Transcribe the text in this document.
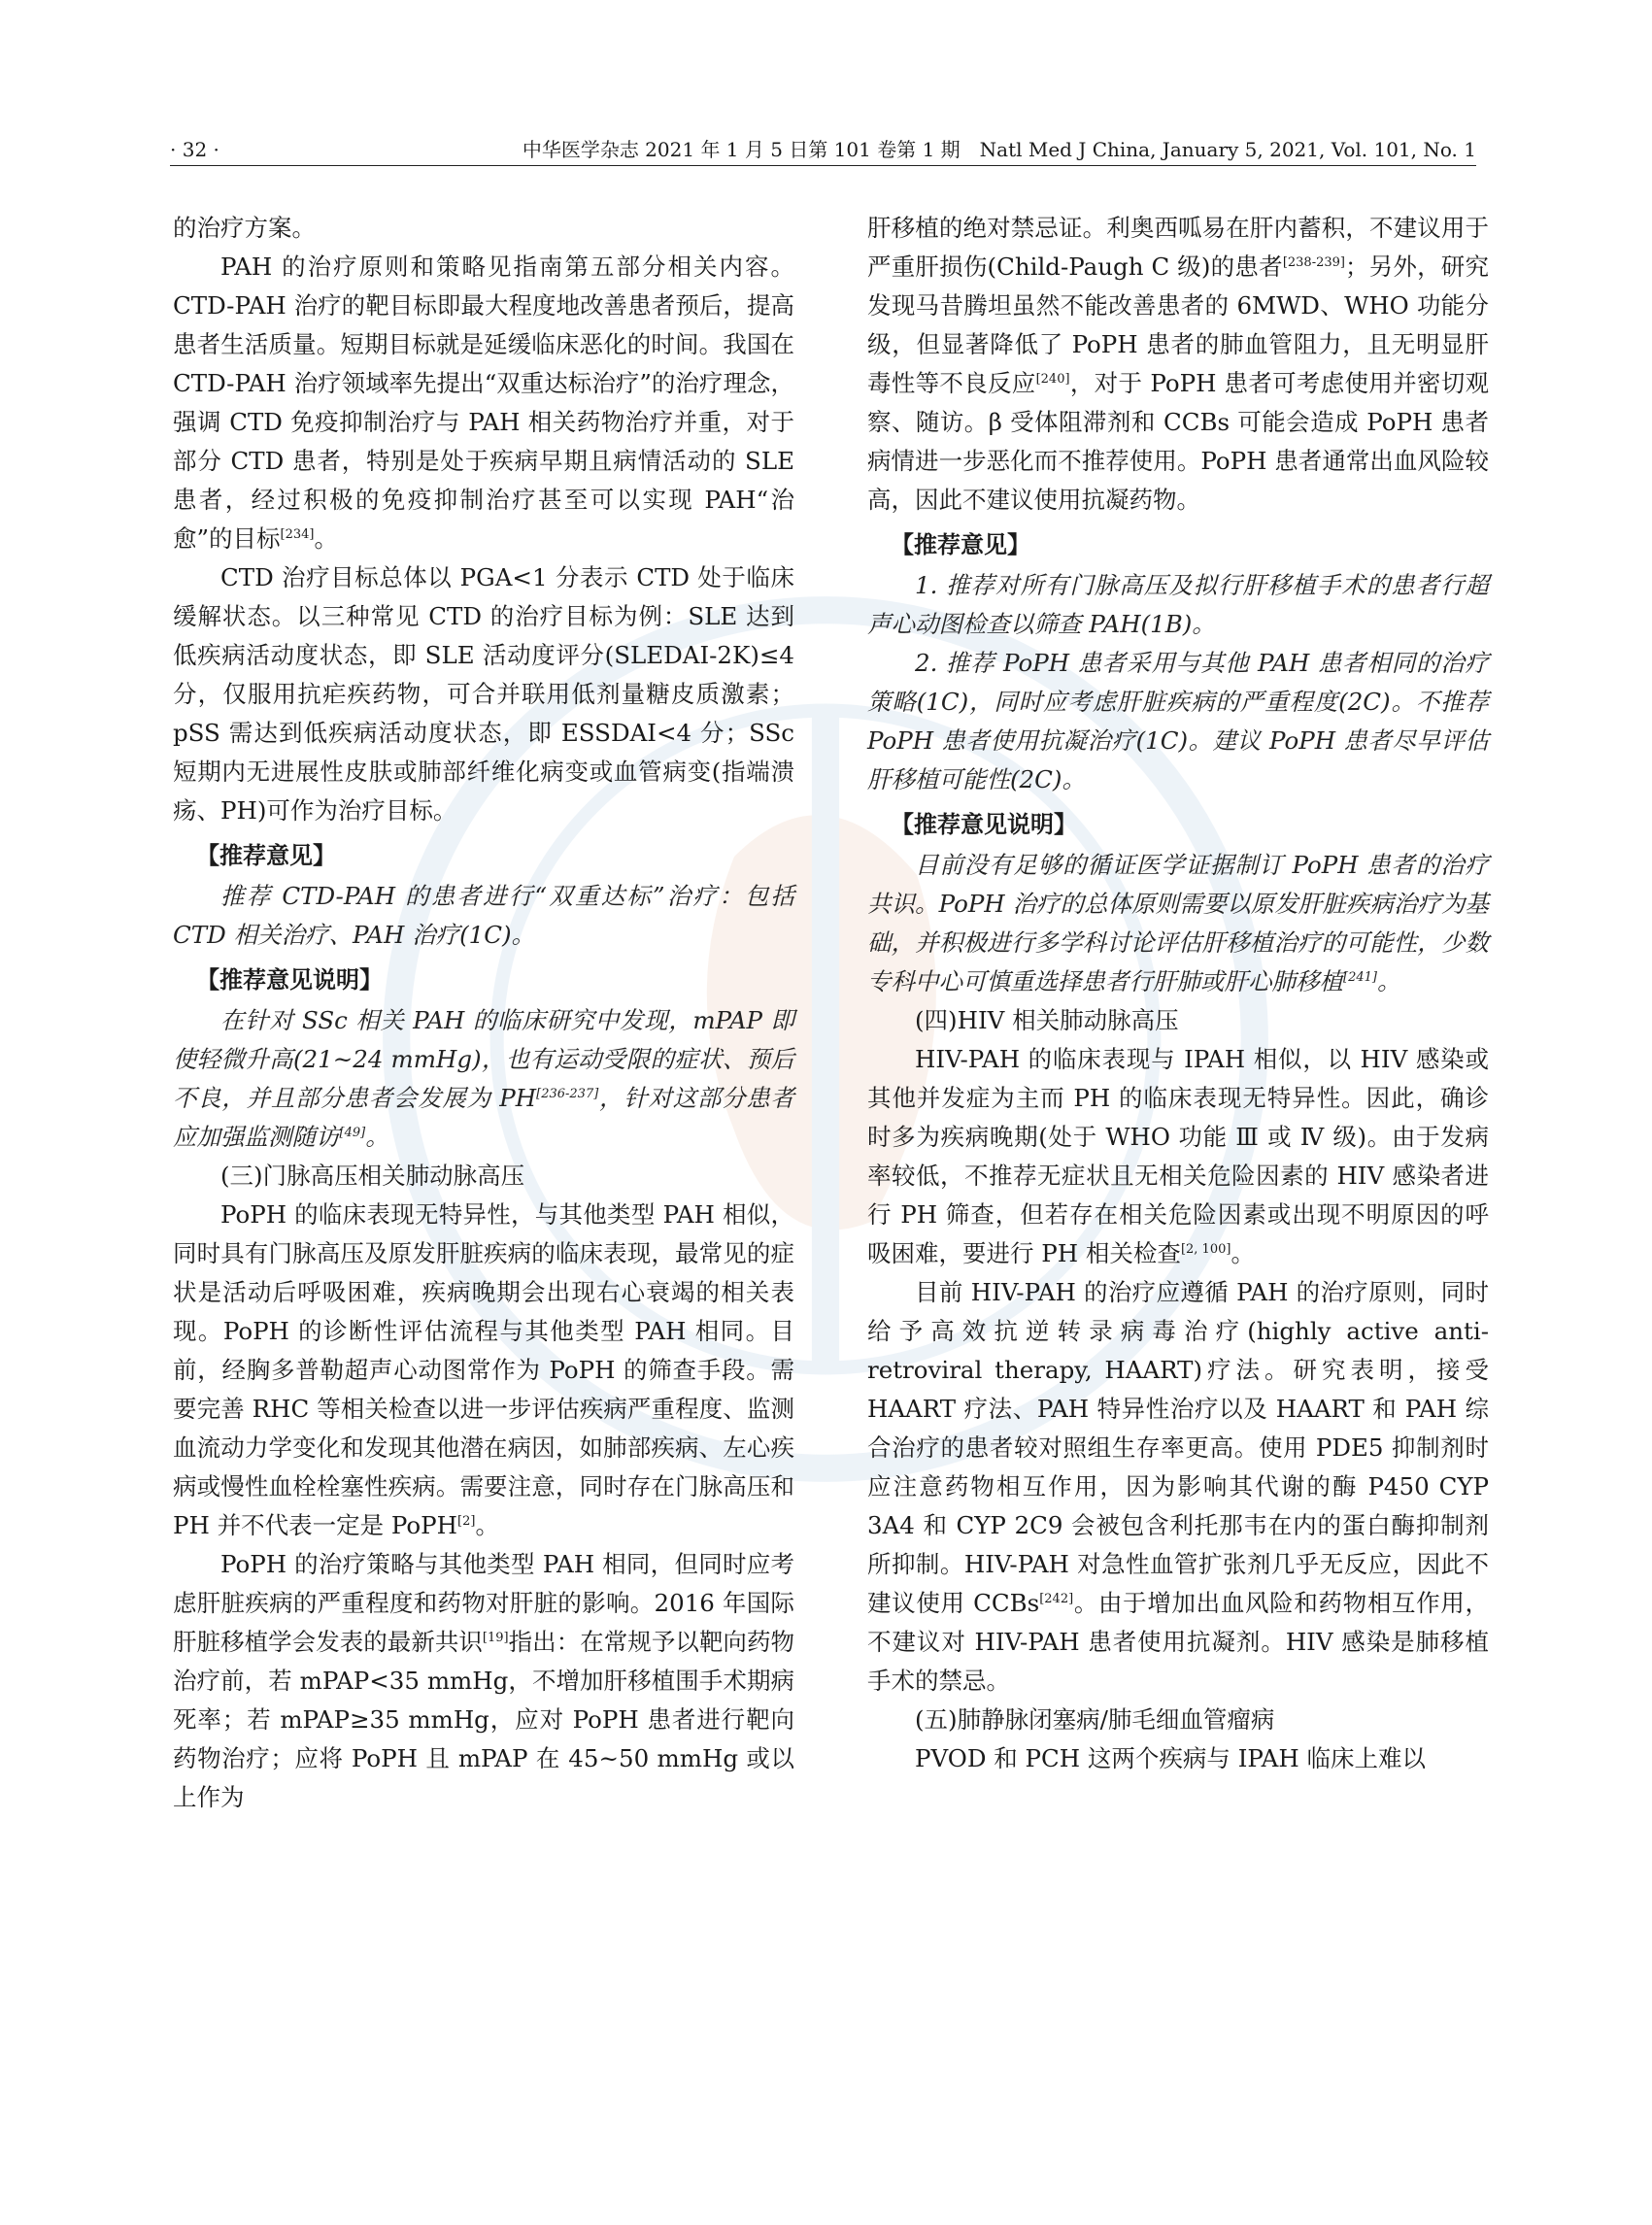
· 32 ·	中华医学杂志 2021 年 1 月 5 日第 101 卷第 1 期　Natl Med J China, January 5, 2021, Vol. 101, No. 1

的治疗方案。

PAH 的治疗原则和策略见指南第五部分相关内容。CTD-PAH 治疗的靶目标即最大程度地改善患者预后，提高患者生活质量。短期目标就是延缓临床恶化的时间。我国在 CTD-PAH 治疗领域率先提出“双重达标治疗”的治疗理念，强调 CTD 免疫抑制治疗与 PAH 相关药物治疗并重，对于部分 CTD 患者，特别是处于疾病早期且病情活动的 SLE 患者，经过积极的免疫抑制治疗甚至可以实现 PAH“治愈”的目标[234]。

CTD 治疗目标总体以 PGA<1 分表示 CTD 处于临床缓解状态。以三种常见 CTD 的治疗目标为例：SLE 达到低疾病活动度状态，即 SLE 活动度评分(SLEDAI-2K)≤4 分，仅服用抗疟疾药物，可合并联用低剂量糖皮质激素；pSS 需达到低疾病活动度状态，即 ESSDAI<4 分；SSc 短期内无进展性皮肤或肺部纤维化病变或血管病变(指端溃疡、PH)可作为治疗目标。

【推荐意见】

推荐 CTD-PAH 的患者进行“双重达标”治疗：包括 CTD 相关治疗、PAH 治疗(1C)。

【推荐意见说明】

在针对 SSc 相关 PAH 的临床研究中发现，mPAP 即使轻微升高(21~24 mmHg)，也有运动受限的症状、预后不良，并且部分患者会发展为 PH[236-237]，针对这部分患者应加强监测随访[49]。

(三)门脉高压相关肺动脉高压

PoPH 的临床表现无特异性，与其他类型 PAH 相似，同时具有门脉高压及原发肝脏疾病的临床表现，最常见的症状是活动后呼吸困难，疾病晚期会出现右心衰竭的相关表现。PoPH 的诊断性评估流程与其他类型 PAH 相同。目前，经胸多普勒超声心动图常作为 PoPH 的筛查手段。需要完善 RHC 等相关检查以进一步评估疾病严重程度、监测血流动力学变化和发现其他潜在病因，如肺部疾病、左心疾病或慢性血栓栓塞性疾病。需要注意，同时存在门脉高压和 PH 并不代表一定是 PoPH[2]。

PoPH 的治疗策略与其他类型 PAH 相同，但同时应考虑肝脏疾病的严重程度和药物对肝脏的影响。2016 年国际肝脏移植学会发表的最新共识[19]指出：在常规予以靶向药物治疗前，若 mPAP<35 mmHg，不增加肝移植围手术期病死率；若 mPAP≥35 mmHg，应对 PoPH 患者进行靶向药物治疗；应将 PoPH 且 mPAP 在 45~50 mmHg 或以上作为

肝移植的绝对禁忌证。利奥西呱易在肝内蓄积，不建议用于严重肝损伤(Child-Paugh C 级)的患者[238-239]；另外，研究发现马昔腾坦虽然不能改善患者的 6MWD、WHO 功能分级，但显著降低了 PoPH 患者的肺血管阻力，且无明显肝毒性等不良反应[240]，对于 PoPH 患者可考虑使用并密切观察、随访。β 受体阻滞剂和 CCBs 可能会造成 PoPH 患者病情进一步恶化而不推荐使用。PoPH 患者通常出血风险较高，因此不建议使用抗凝药物。

【推荐意见】

1. 推荐对所有门脉高压及拟行肝移植手术的患者行超声心动图检查以筛查 PAH(1B)。

2. 推荐 PoPH 患者采用与其他 PAH 患者相同的治疗策略(1C)，同时应考虑肝脏疾病的严重程度(2C)。不推荐 PoPH 患者使用抗凝治疗(1C)。建议 PoPH 患者尽早评估肝移植可能性(2C)。

【推荐意见说明】

目前没有足够的循证医学证据制订 PoPH 患者的治疗共识。PoPH 治疗的总体原则需要以原发肝脏疾病治疗为基础，并积极进行多学科讨论评估肝移植治疗的可能性，少数专科中心可慎重选择患者行肝肺或肝心肺移植[241]。

(四)HIV 相关肺动脉高压

HIV-PAH 的临床表现与 IPAH 相似，以 HIV 感染或其他并发症为主而 PH 的临床表现无特异性。因此，确诊时多为疾病晚期(处于 WHO 功能 Ⅲ 或 Ⅳ 级)。由于发病率较低，不推荐无症状且无相关危险因素的 HIV 感染者进行 PH 筛查，但若存在相关危险因素或出现不明原因的呼吸困难，要进行 PH 相关检查[2, 100]。

目前 HIV-PAH 的治疗应遵循 PAH 的治疗原则，同时给予高效抗逆转录病毒治疗(highly active anti-retroviral therapy, HAART)疗法。研究表明，接受 HAART 疗法、PAH 特异性治疗以及 HAART 和 PAH 综合治疗的患者较对照组生存率更高。使用 PDE5 抑制剂时应注意药物相互作用，因为影响其代谢的酶 P450 CYP 3A4 和 CYP 2C9 会被包含利托那韦在内的蛋白酶抑制剂所抑制。HIV-PAH 对急性血管扩张剂几乎无反应，因此不建议使用 CCBs[242]。由于增加出血风险和药物相互作用，不建议对 HIV-PAH 患者使用抗凝剂。HIV 感染是肺移植手术的禁忌。

(五)肺静脉闭塞病/肺毛细血管瘤病

PVOD 和 PCH 这两个疾病与 IPAH 临床上难以
